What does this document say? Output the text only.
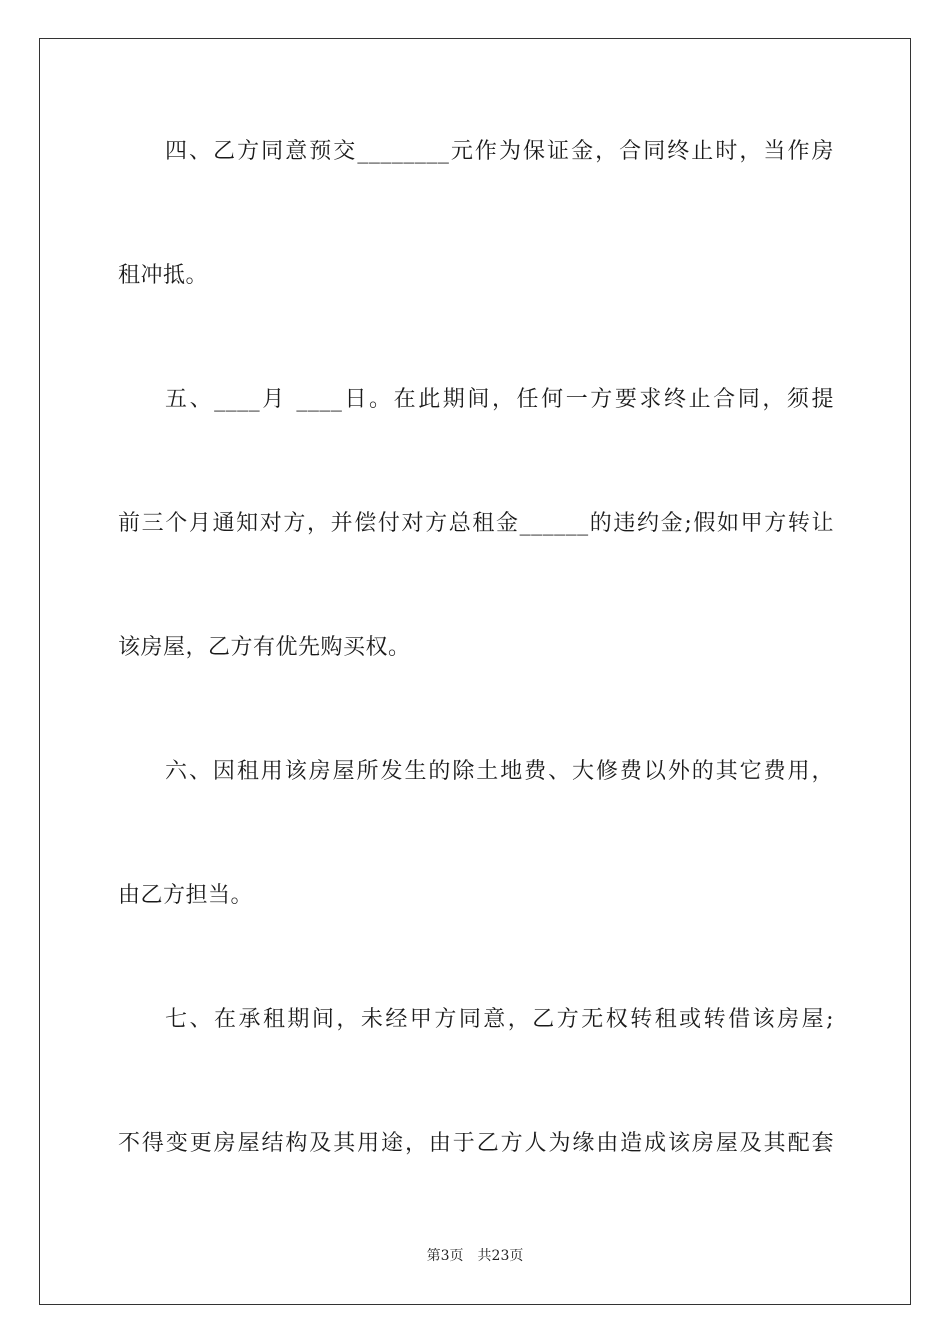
四、乙方同意预交________元作为保证金，合同终止时，当作房
租冲抵。
五、____月 ____日。在此期间，任何一方要求终止合同，须提
前三个月通知对方，并偿付对方总租金______的违约金;假如甲方转让
该房屋，乙方有优先购买权。
六、因租用该房屋所发生的除土地费、大修费以外的其它费用，
由乙方担当。
七、在承租期间，未经甲方同意，乙方无权转租或转借该房屋;
不得变更房屋结构及其用途，由于乙方人为缘由造成该房屋及其配套
第3页 共23页
